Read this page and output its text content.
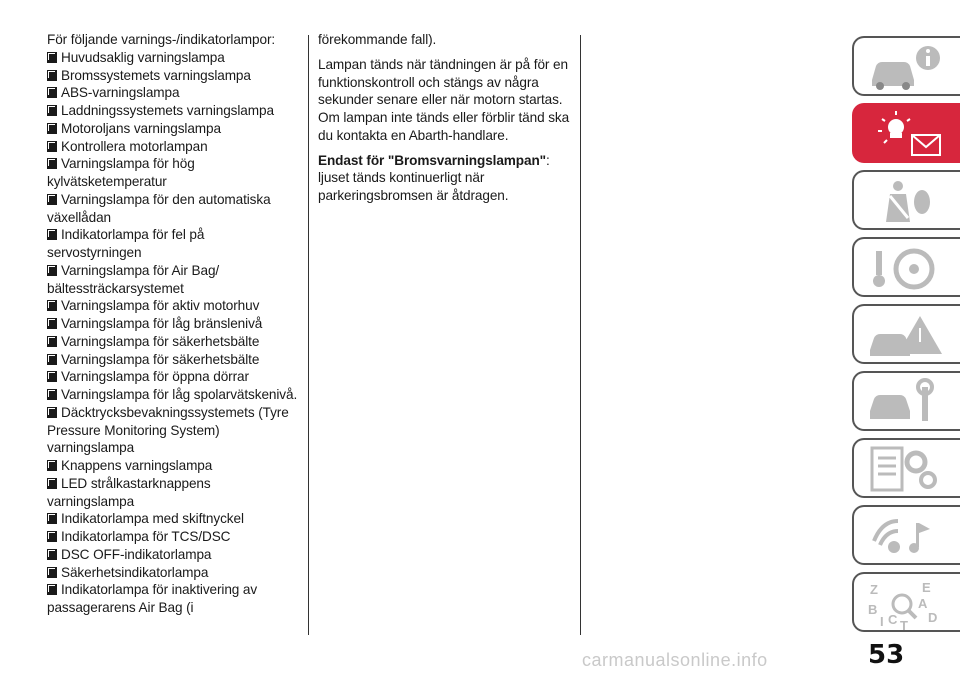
För följande varnings-/indikatorlampor:

Huvudsaklig varningslampa

Bromssystemets varningslampa

ABS-varningslampa

Laddningssystemets varningslampa

Motoroljans varningslampa

Kontrollera motorlampan

Varningslampa för hög kylvätsketemperatur

Varningslampa för den automatiska växellådan

Indikatorlampa för fel på servostyrningen

Varningslampa för Air Bag/ bältessträckarsystemet

Varningslampa för aktiv motorhuv

Varningslampa för låg bränslenivå

Varningslampa för säkerhetsbälte

Varningslampa för säkerhetsbälte

Varningslampa för öppna dörrar

Varningslampa för låg spolarvätskenivå.

Däcktrycksbevakningssystemets (Tyre Pressure Monitoring System) varningslampa

Knappens varningslampa

LED strålkastarknappens varningslampa

Indikatorlampa med skiftnyckel

Indikatorlampa för TCS/DSC

DSC OFF-indikatorlampa

Säkerhetsindikatorlampa

Indikatorlampa för inaktivering av passagerarens Air Bag (i

förekommande fall).

Lampan tänds när tändningen är på för en funktionskontroll och stängs av några sekunder senare eller när motorn startas. Om lampan inte tänds eller förblir tänd ska du kontakta en Abarth-handlare.

Endast för "Bromsvarningslampan":
ljuset tänds kontinuerligt när parkeringsbromsen är åtdragen.

Z	E
A
B
C D
T
I
53
carmanualsonline.info
